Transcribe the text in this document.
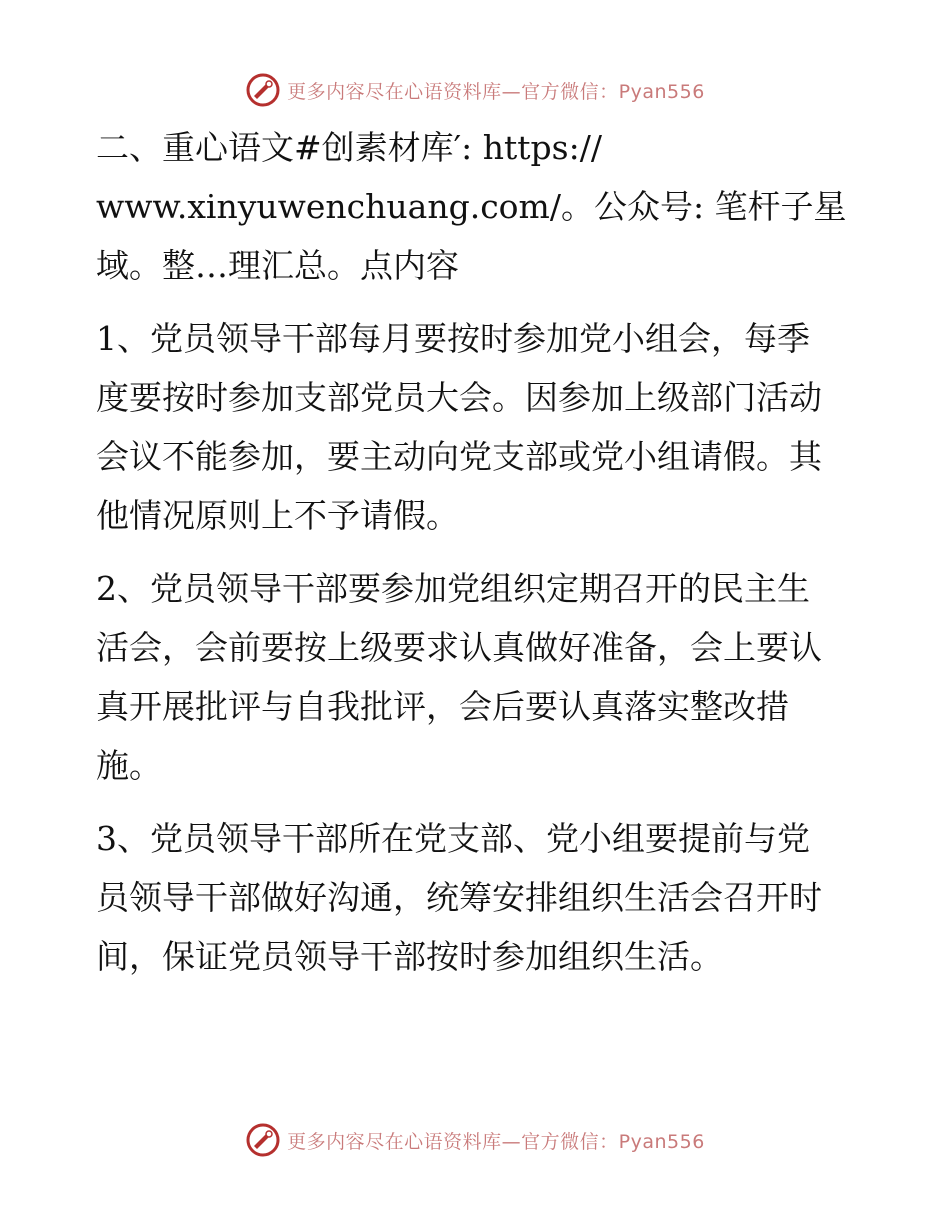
更多内容尽在心语资料库—官方微信：Pyan556

二、重心语文#创素材库′: https://
www.xinyuwenchuang.com/。公众号: 笔杆子星
域。整…理汇总。点内容

1、党员领导干部每月要按时参加党小组会，每季
度要按时参加支部党员大会。因参加上级部门活动
会议不能参加，要主动向党支部或党小组请假。其
他情况原则上不予请假。

2、党员领导干部要参加党组织定期召开的民主生
活会，会前要按上级要求认真做好准备，会上要认
真开展批评与自我批评，会后要认真落实整改措
施。

3、党员领导干部所在党支部、党小组要提前与党
员领导干部做好沟通，统筹安排组织生活会召开时
间，保证党员领导干部按时参加组织生活。

更多内容尽在心语资料库—官方微信：Pyan556
